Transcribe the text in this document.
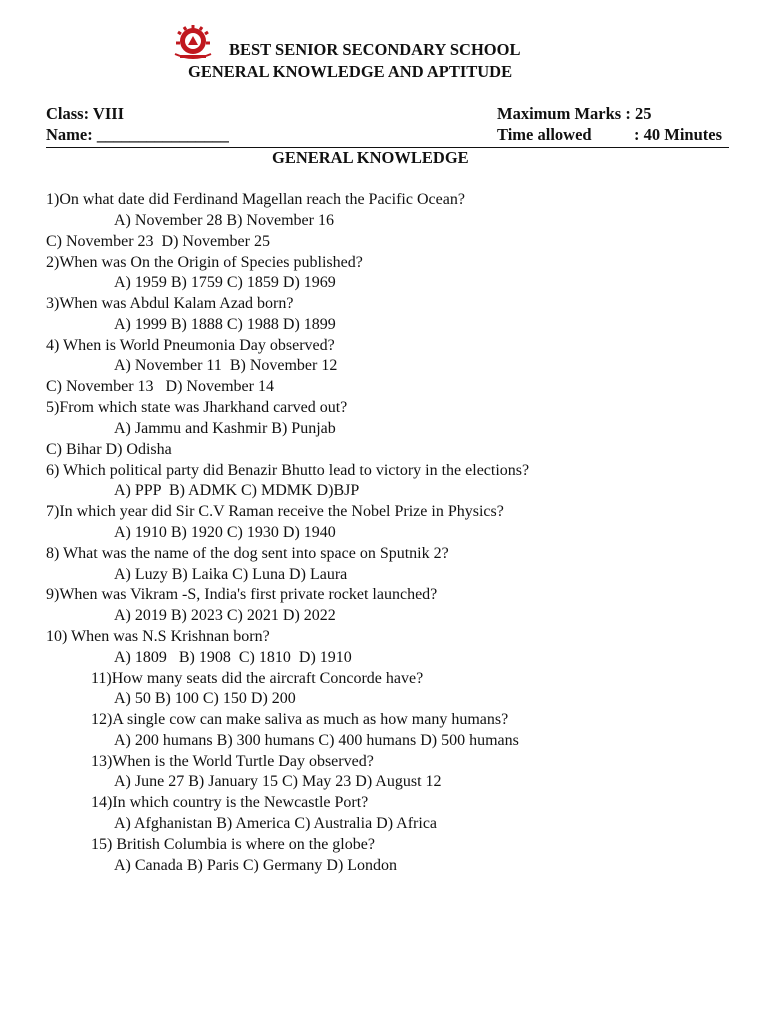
BEST SENIOR SECONDARY SCHOOL
GENERAL KNOWLEDGE AND APTITUDE
Class: VIII
Name: ________________
Maximum Marks : 25
Time allowed	: 40 Minutes
GENERAL KNOWLEDGE
1)On what date did Ferdinand Magellan reach the Pacific Ocean?
A) November 28 B) November 16
C) November 23  D) November 25
2)When was On the Origin of Species published?
A) 1959 B) 1759 C) 1859 D) 1969
3)When was Abdul Kalam Azad born?
A) 1999 B) 1888 C) 1988 D) 1899
4) When is World Pneumonia Day observed?
A) November 11  B) November 12
C) November 13   D) November 14
5)From which state was Jharkhand carved out?
A) Jammu and Kashmir B) Punjab
C) Bihar D) Odisha
6) Which political party did Benazir Bhutto lead to victory in the elections?
A) PPP  B) ADMK C) MDMK D)BJP
7)In which year did Sir C.V Raman receive the Nobel Prize in Physics?
A) 1910 B) 1920 C) 1930 D) 1940
8) What was the name of the dog sent into space on Sputnik 2?
A) Luzy B) Laika C) Luna D) Laura
9)When was Vikram -S, India's first private rocket launched?
A) 2019 B) 2023 C) 2021 D) 2022
10) When was N.S Krishnan born?
A) 1809   B) 1908  C) 1810  D) 1910
11)How many seats did the aircraft Concorde have?
A) 50 B) 100 C) 150 D) 200
12)A single cow can make saliva as much as how many humans?
A) 200 humans B) 300 humans C) 400 humans D) 500 humans
13)When is the World Turtle Day observed?
A) June 27 B) January 15 C) May 23 D) August 12
14)In which country is the Newcastle Port?
A) Afghanistan B) America C) Australia D) Africa
15) British Columbia is where on the globe?
A) Canada B) Paris C) Germany D) London
